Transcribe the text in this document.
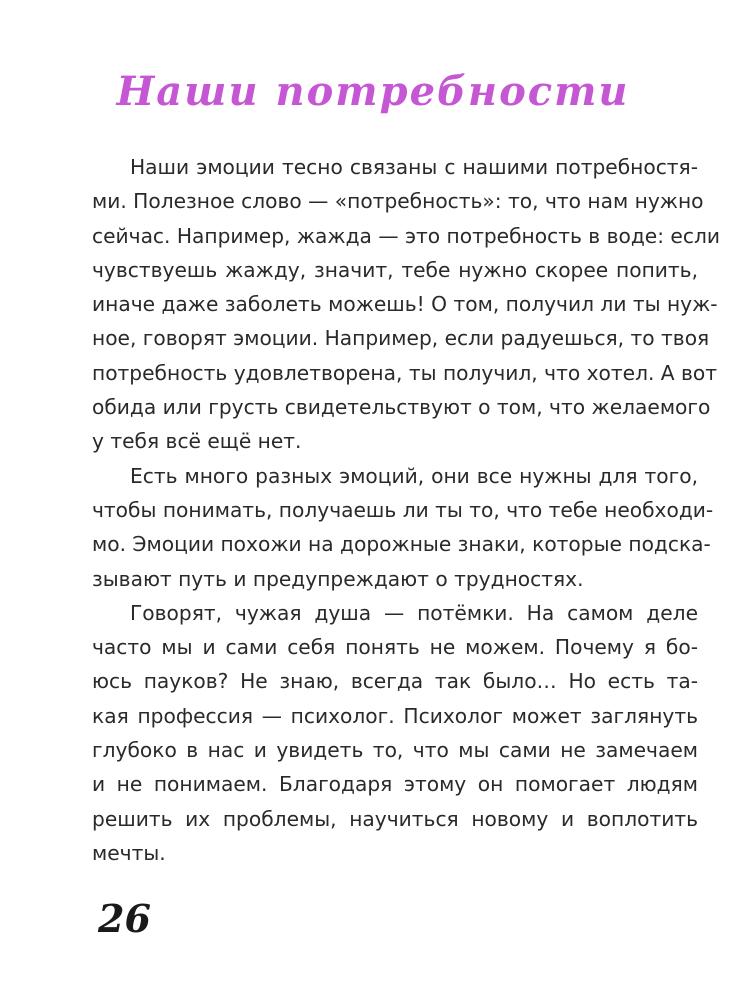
Наши потребности
Наши эмоции тесно связаны с нашими потребностя-
ми. Полезное слово — «потребность»: то, что нам нужно
сейчас. Например, жажда — это потребность в воде: если
чувствуешь жажду, значит, тебе нужно скорее попить,
иначе даже заболеть можешь! О том, получил ли ты нуж-
ное, говорят эмоции. Например, если радуешься, то твоя
потребность удовлетворена, ты получил, что хотел. А вот
обида или грусть свидетельствуют о том, что желаемого
у тебя всё ещё нет.
Есть много разных эмоций, они все нужны для того,
чтобы понимать, получаешь ли ты то, что тебе необходи-
мо. Эмоции похожи на дорожные знаки, которые подска-
зывают путь и предупреждают о трудностях.
Говорят, чужая душа — потёмки. На самом деле
часто мы и сами себя понять не можем. Почему я бо-
юсь пауков? Не знаю, всегда так было… Но есть та-
кая профессия — психолог. Психолог может заглянуть
глубоко в нас и увидеть то, что мы сами не замечаем
и не понимаем. Благодаря этому он помогает людям
решить их проблемы, научиться новому и воплотить
мечты.
26
